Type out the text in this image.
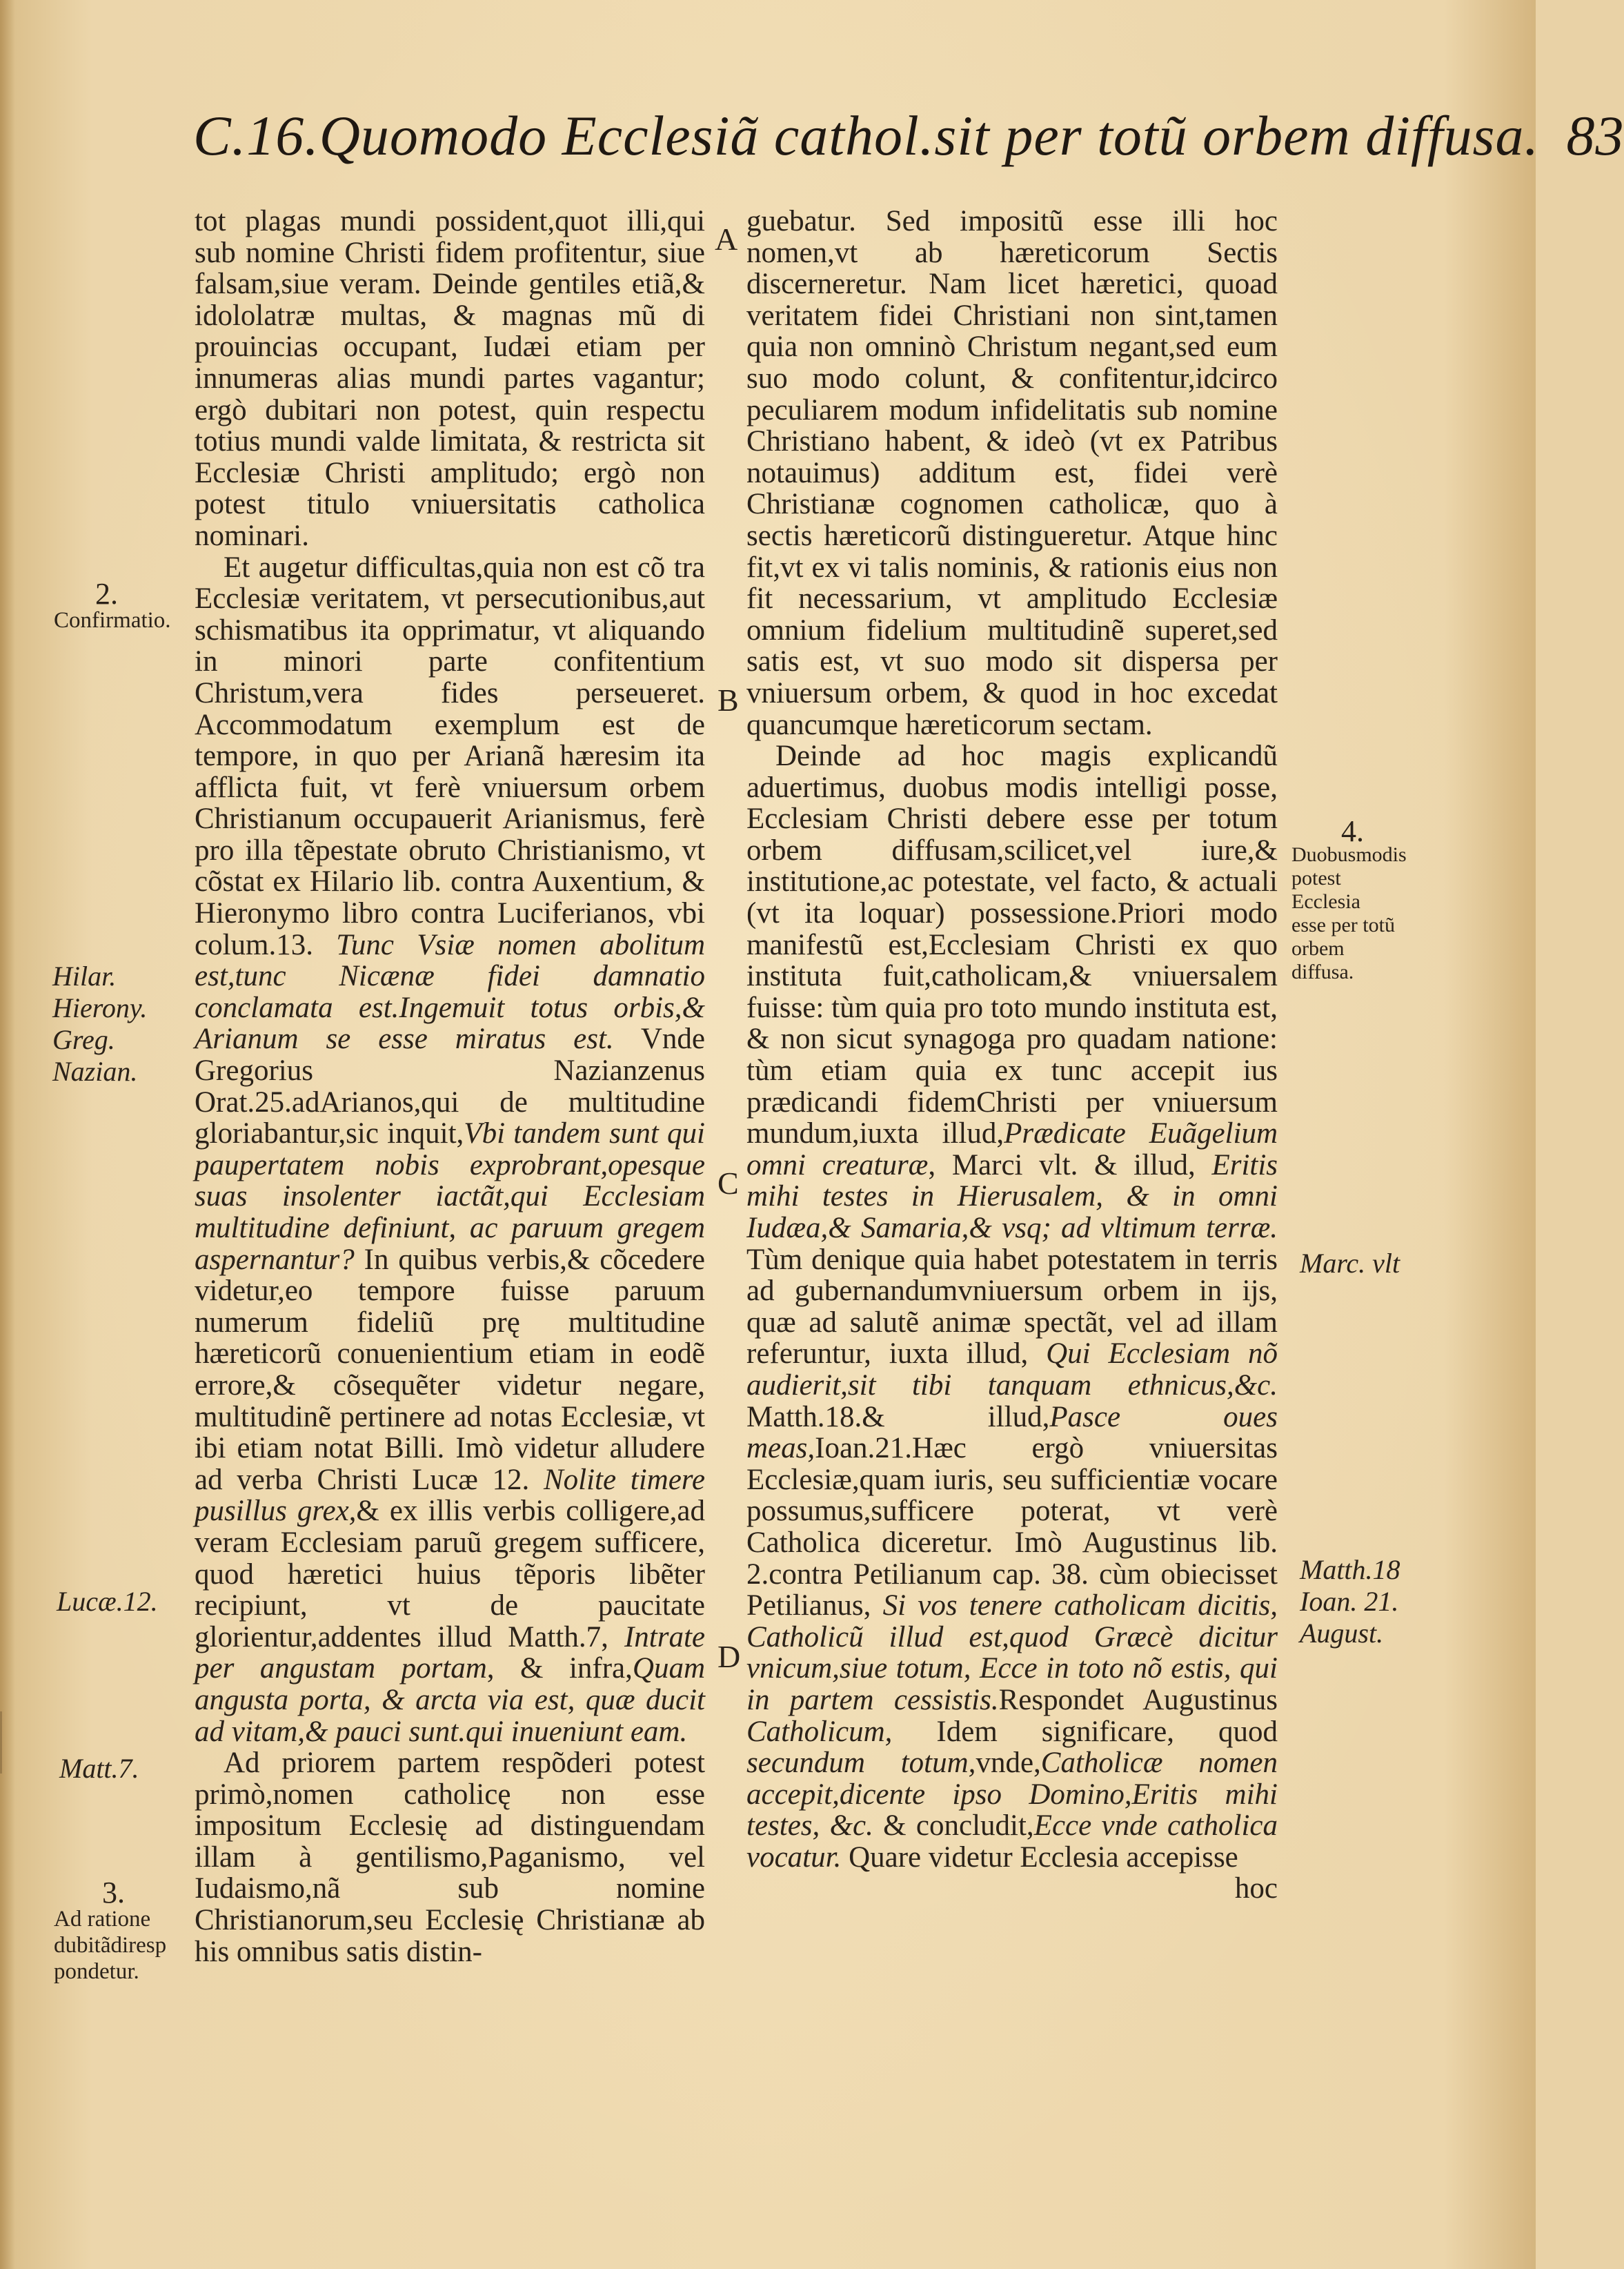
C.16.Quomodo Ecclesiã cathol.sit per totũ orbem diffusa. 83

tot plagas mundi possident,quot illi,qui sub nomine Christi fidem profitentur, siue falsam,siue veram. Deinde gentiles etiã,& idololatræ multas, & magnas mũ di prouincias occupant, Iudæi etiam per innumeras alias mundi partes vagantur; ergò dubitari non potest, quin respectu totius mundi valde limitata, & restricta sit Ecclesiæ Christi amplitudo; ergò non potest titulo vniuersitatis catholica nominari.

Et augetur difficultas,quia non est cõ tra Ecclesiæ veritatem, vt persecutionibus,aut schismatibus ita opprimatur, vt aliquando in minori parte confitentium Christum,vera fides perseueret. Accommodatum exemplum est de tempore, in quo per Arianã hæresim ita afflicta fuit, vt ferè vniuersum orbem Christianum occupauerit Arianismus, ferè pro illa tẽpestate obruto Christianismo, vt cõstat ex Hilario lib. contra Auxentium, & Hieronymo libro contra Luciferianos, vbi colum.13. Tunc Vsiæ nomen abolitum est,tunc Nicænæ fidei damnatio conclamata est.Ingemuit totus orbis,& Arianum se esse miratus est. Vnde Gregorius Nazianzenus Orat.25.adArianos,qui de multitudine gloriabantur,sic inquit,Vbi tandem sunt qui paupertatem nobis exprobrant,opesque suas insolenter iactãt,qui Ecclesiam multitudine definiunt, ac paruum gregem aspernantur? In quibus verbis,& cõcedere videtur,eo tempore fuisse paruum numerum fideliũ prę multitudine hæreticorũ conuenientium etiam in eodẽ errore,& cõsequẽter videtur negare, multitudinẽ pertinere ad notas Ecclesiæ, vt ibi etiam notat Billi. Imò videtur alludere ad verba Christi Lucæ 12. Nolite timere pusillus grex,& ex illis verbis colligere,ad veram Ecclesiam paruũ gregem sufficere, quod hæretici huius tẽporis libẽter recipiunt, vt de paucitate glorientur,addentes illud Matth.7, Intrate per angustam portam, & infra,Quam angusta porta, & arcta via est, quæ ducit ad vitam,& pauci sunt.qui inueniunt eam.

Ad priorem partem respõderi potest primò,nomen catholicę non esse impositum Ecclesię ad distinguendam illam à gentilismo,Paganismo, vel Iudaismo,nã sub nomine Christianorum,seu Ecclesię Christianæ ab his omnibus satis distin-

guebatur. Sed impositũ esse illi hoc nomen,vt ab hæreticorum Sectis discerneretur. Nam licet hæretici, quoad veritatem fidei Christiani non sint,tamen quia non omninò Christum negant,sed eum suo modo colunt, & confitentur,idcirco peculiarem modum infidelitatis sub nomine Christiano habent, & ideò (vt ex Patribus notauimus) additum est, fidei verè Christianæ cognomen catholicæ, quo à sectis hæreticorũ distingueretur. Atque hinc fit,vt ex vi talis nominis, & rationis eius non fit necessarium, vt amplitudo Ecclesiæ omnium fidelium multitudinẽ superet,sed satis est, vt suo modo sit dispersa per vniuersum orbem, & quod in hoc excedat quancumque hæreticorum sectam.

Deinde ad hoc magis explicandũ aduertimus, duobus modis intelligi posse, Ecclesiam Christi debere esse per totum orbem diffusam,scilicet,vel iure,& institutione,ac potestate, vel facto, & actuali (vt ita loquar) possessione.Priori modo manifestũ est,Ecclesiam Christi ex quo instituta fuit,catholicam,& vniuersalem fuisse: tùm quia pro toto mundo instituta est, & non sicut synagoga pro quadam natione: tùm etiam quia ex tunc accepit ius prædicandi fidemChristi per vniuersum mundum,iuxta illud,Prædicate Euãgelium omni creaturæ, Marci vlt. & illud, Eritis mihi testes in Hierusalem, & in omni Iudæa,& Samaria,& vsq; ad vltimum terræ. Tùm denique quia habet potestatem in terris ad gubernandumvniuersum orbem in ijs, quæ ad salutẽ animæ spectãt, vel ad illam referuntur, iuxta illud, Qui Ecclesiam nõ audierit,sit tibi tanquam ethnicus,&c. Matth.18.& illud,Pasce oues meas,Ioan.21.Hæc ergò vniuersitas Ecclesiæ,quam iuris, seu sufficientiæ vocare possumus,sufficere poterat, vt verè Catholica diceretur. Imò Augustinus lib. 2.contra Petilianum cap. 38. cùm obiecisset Petilianus, Si vos tenere catholicam dicitis, Catholicũ illud est,quod Græcè dicitur vnicum,siue totum, Ecce in toto nõ estis, qui in partem cessistis.Respondet Augustinus Catholicum, Idem significare, quod secundum totum,vnde,Catholicæ nomen accepit,dicente ipso Domino,Eritis mihi testes, &c. & concludit,Ecce vnde catholica vocatur. Quare videtur Ecclesia accepisse

hoc

A
B
C
D
2.
Confirmatio.
Hilar. Hierony. Greg. Nazian.
Lucæ.12.
Matt.7.
3.
Ad ratione dubitãdiresp pondetur.
4.
Duobusmodis potest Ecclesia esse per totũ orbem diffusa.
Marc. vlt
Matth.18 Ioan. 21. August.
